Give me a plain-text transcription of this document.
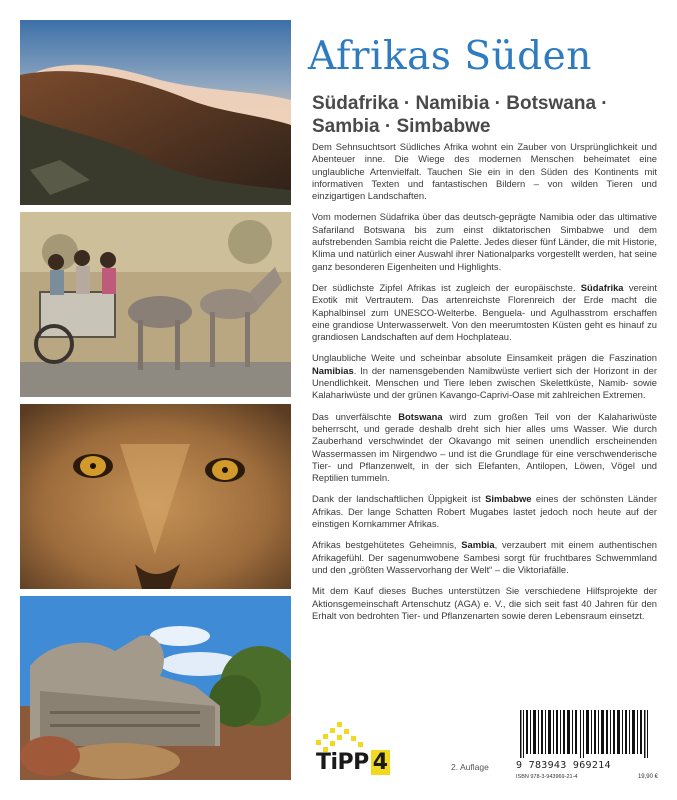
Afrikas Süden
Südafrika · Namibia · Botswana ·
Sambia · Simbabwe

Dem Sehnsuchtsort Südliches Afrika wohnt ein Zauber von Ursprünglichkeit und Abenteuer inne. Die Wiege des modernen Menschen beheimatet eine unglaubliche Artenvielfalt. Tauchen Sie ein in den Süden des Kontinents mit informativen Texten und fantastischen Bildern – von wilden Tieren und einzigartigen Landschaften.

Vom modernen Südafrika über das deutsch-geprägte Namibia oder das ultimative Safariland Botswana bis zum einst diktatorischen Simbabwe und dem aufstrebenden Sambia reicht die Palette. Jedes dieser fünf Länder, die mit Historie, Klima und natürlich einer Auswahl ihrer Nationalparks vorgestellt werden, hat seine ganz besonderen Eigenheiten und Highlights.

Der südlichste Zipfel Afrikas ist zugleich der europäischste. Südafrika vereint Exotik mit Vertrautem. Das artenreichste Florenreich der Erde macht die Kaphalbinsel zum UNESCO-Welterbe. Benguela- und Agulhasstrom erschaffen eine grandiose Unterwasserwelt. Von den meerumtosten Küsten geht es hinauf zu grandiosen Landschaften auf dem Hochplateau.

Unglaubliche Weite und scheinbar absolute Einsamkeit prägen die Faszination Namibias. In der namensgebenden Namibwüste verliert sich der Horizont in der Unendlichkeit. Menschen und Tiere leben zwischen Skelettküste, Namib- sowie Kalahariwüste und der grünen Kavango-Caprivi-Oase mit zahlreichen Extremen.

Das unverfälschte Botswana wird zum großen Teil von der Kalahariwüste beherrscht, und gerade deshalb dreht sich hier alles ums Wasser. Wie durch Zauberhand verschwindet der Okavango mit seinen unendlich erscheinenden Wassermassen im Nirgendwo – und ist die Grundlage für eine verschwenderische Tier- und Pflanzenwelt, in der sich Elefanten, Antilopen, Löwen, Vögel und Reptilien tummeln.

Dank der landschaftlichen Üppigkeit ist Simbabwe eines der schönsten Länder Afrikas. Der lange Schatten Robert Mugabes lastet jedoch noch heute auf der einstigen Kornkammer Afrikas.

Afrikas bestgehütetes Geheimnis, Sambia, verzaubert mit einem authentischen Afrikagefühl. Der sagenumwobene Sambesi sorgt für fruchtbares Schwemmland und den „größten Wasservorhang der Welt“ – die Viktoriafälle.

Mit dem Kauf dieses Buches unterstützen Sie verschiedene Hilfsprojekte der Aktionsgemeinschaft Artenschutz (AGA) e. V., die sich seit fast 40 Jahren für den Erhalt von bedrohten Tier- und Pflanzenarten sowie deren Lebensraum einsetzt.

TiPP 4	2. Auflage	9 783943 969214
ISBN 978-3-943969-21-4	19,90 €
